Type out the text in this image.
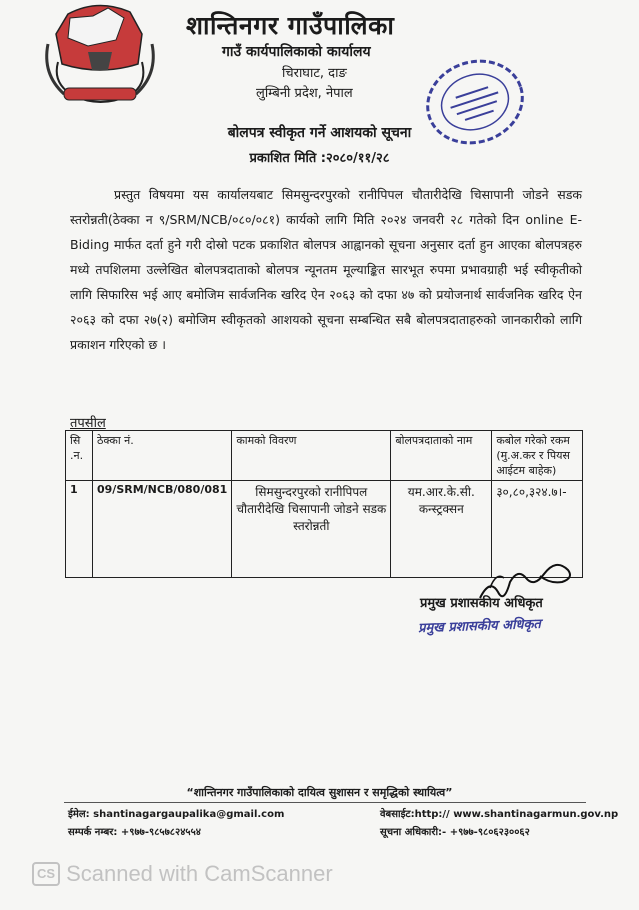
शान्तिनगर गाउँपालिका
गाउँ कार्यपालिकाको कार्यालय
चिराघाट, दाङ
लुम्बिनी प्रदेश, नेपाल
बोलपत्र स्वीकृत गर्ने आशयको सूचना
प्रकाशित मिति :२०८०/११/२८

प्रस्तुत विषयमा यस कार्यालयबाट सिमसुन्दरपुरको रानीपिपल चौतारीदेखि चिसापानी जोडने सडक स्तरोन्नती(ठेक्का न ९/SRM/NCB/०८०/०८१) कार्यको लागि मिति २०२४ जनवरी २८ गतेको दिन online E-Biding मार्फत दर्ता हुने गरी दोस्रो पटक प्रकाशित बोलपत्र आह्वानको सूचना अनुसार दर्ता हुन आएका बोलपत्रहरु मध्ये तपशिलमा उल्लेखित बोलपत्रदाताको बोलपत्र न्यूनतम मूल्याङ्कित सारभूत रुपमा प्रभावग्राही भई स्वीकृतीको लागि सिफारिस भई आए बमोजिम सार्वजनिक खरिद ऐन २०६३ को दफा ४७ को प्रयोजनार्थ सार्वजनिक खरिद ऐन २०६३ को दफा २७(२) बमोजिम स्वीकृतको आशयको सूचना सम्बन्धित सबै बोलपत्रदाताहरुको जानकारीको लागि प्रकाशन गरिएको छ ।

तपसील
सि .न.	ठेक्का नं.	कामको विवरण	बोलपत्रदाताको नाम	कबोल गरेको रकम (मु.अ.कर र पियस आईटम बाहेक)
1	09/SRM/NCB/080/081	सिमसुन्दरपुरको रानीपिपल चौतारीदेखि चिसापानी जोडने सडक स्तरोन्नती	यम.आर.के.सी. कन्स्ट्रक्सन	३०,८०,३२४.७।-
प्रमुख प्रशासकीय अधिकृत
प्रमुख प्रशासकीय अधिकृत
“शान्तिनगर गाउँपालिकाको दायित्व सुशासन र समृद्धिको स्थायित्व”
ईमेल: shantinagargaupalika@gmail.com
सम्पर्क नम्बर: +९७७-९८५७८२४५५४
वेबसाईट:http:// www.shantinagarmun.gov.np
सूचना अधिकारी:- +९७७-९८०६२३००६२
CS Scanned with CamScanner
